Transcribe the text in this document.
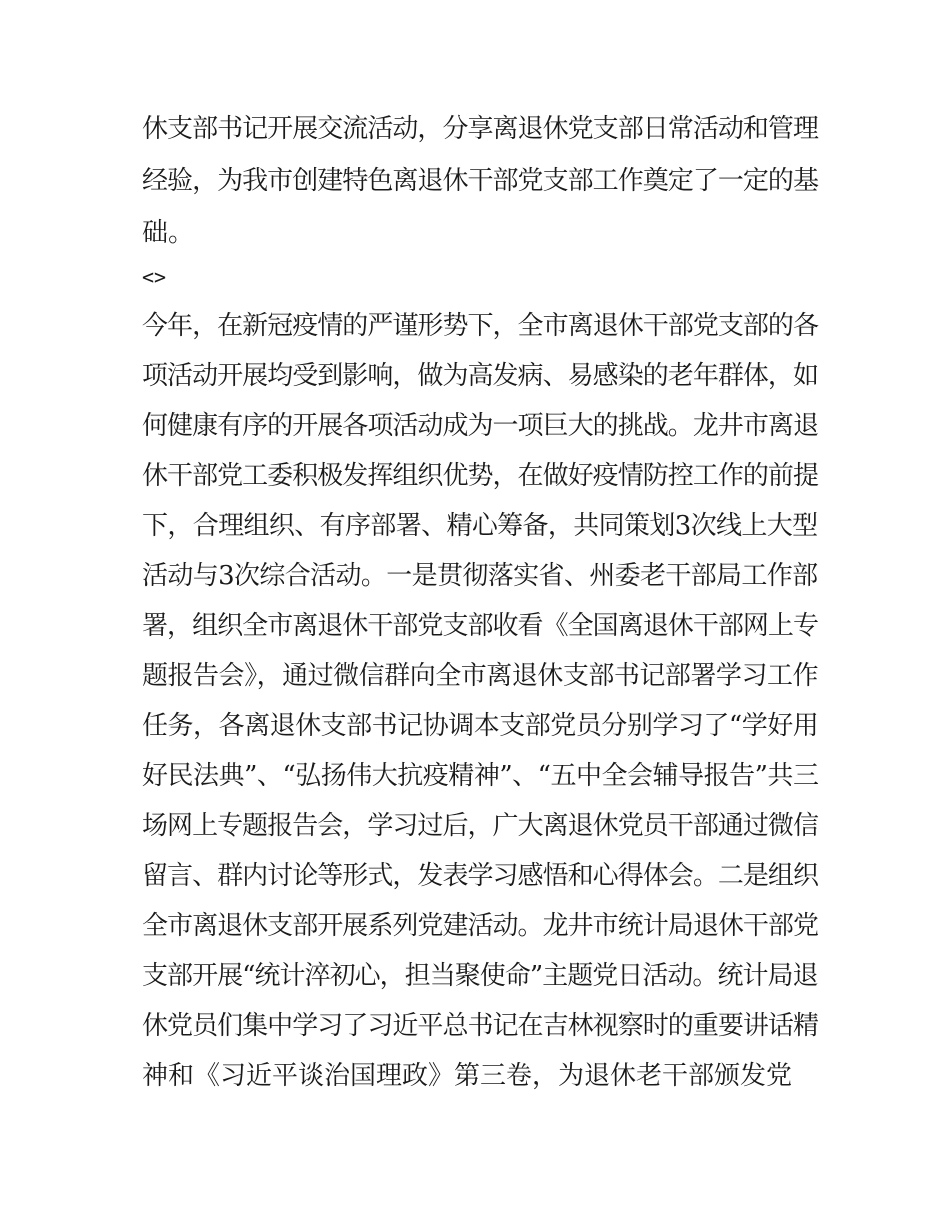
休支部书记开展交流活动，分享离退休党支部日常活动和管理
经验，为我市创建特色离退休干部党支部工作奠定了一定的基
础。
<>
今年，在新冠疫情的严谨形势下，全市离退休干部党支部的各
项活动开展均受到影响，做为高发病、易感染的老年群体，如
何健康有序的开展各项活动成为一项巨大的挑战。龙井市离退
休干部党工委积极发挥组织优势，在做好疫情防控工作的前提
下，合理组织、有序部署、精心筹备，共同策划3次线上大型
活动与3次综合活动。一是贯彻落实省、州委老干部局工作部
署，组织全市离退休干部党支部收看《全国离退休干部网上专
题报告会》，通过微信群向全市离退休支部书记部署学习工作
任务，各离退休支部书记协调本支部党员分别学习了“学好用
好民法典”、“弘扬伟大抗疫精神”、“五中全会辅导报告”共三
场网上专题报告会，学习过后，广大离退休党员干部通过微信
留言、群内讨论等形式，发表学习感悟和心得体会。二是组织
全市离退休支部开展系列党建活动。龙井市统计局退休干部党
支部开展“统计淬初心，担当聚使命”主题党日活动。统计局退
休党员们集中学习了习近平总书记在吉林视察时的重要讲话精
神和《习近平谈治国理政》第三卷，为退休老干部颁发党
